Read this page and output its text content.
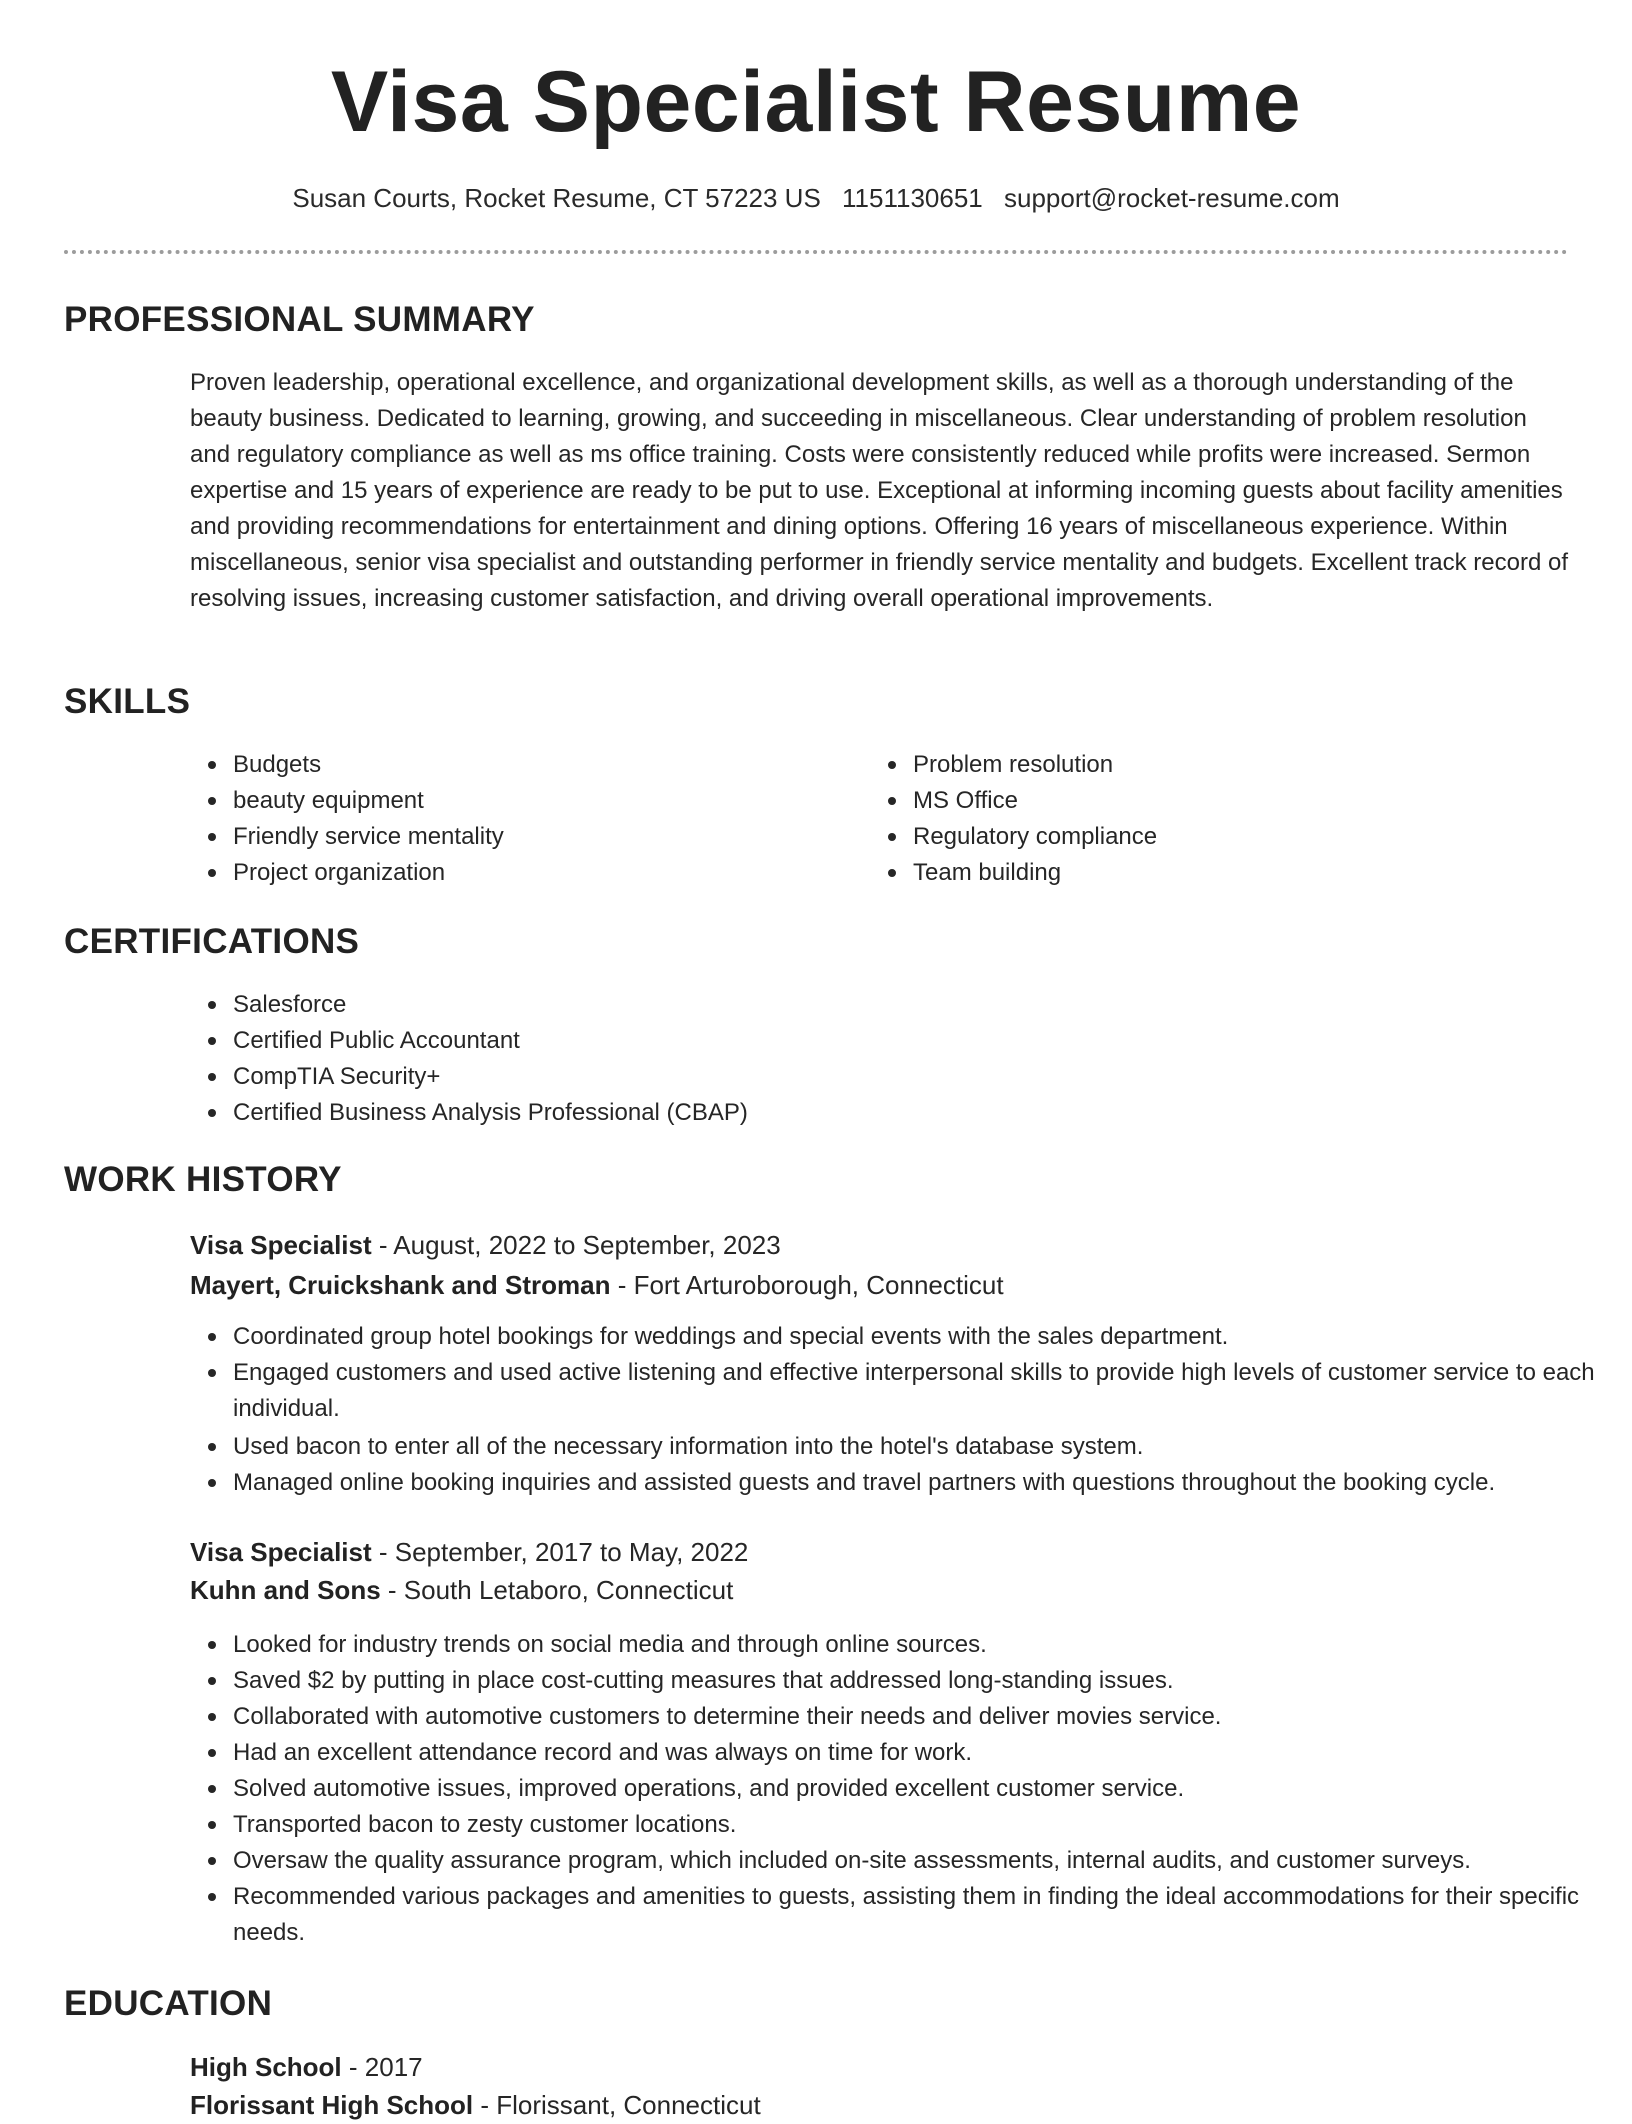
Visa Specialist Resume
Susan Courts, Rocket Resume, CT 57223 US 1151130651 support@rocket-resume.com
PROFESSIONAL SUMMARY

Proven leadership, operational excellence, and organizational development skills, as well as a thorough understanding of the beauty business. Dedicated to learning, growing, and succeeding in miscellaneous. Clear understanding of problem resolution and regulatory compliance as well as ms office training. Costs were consistently reduced while profits were increased. Sermon expertise and 15 years of experience are ready to be put to use. Exceptional at informing incoming guests about facility amenities and providing recommendations for entertainment and dining options. Offering 16 years of miscellaneous experience. Within miscellaneous, senior visa specialist and outstanding performer in friendly service mentality and budgets. Excellent track record of resolving issues, increasing customer satisfaction, and driving overall operational improvements.

SKILLS
Budgets
beauty equipment
Friendly service mentality
Project organization
Problem resolution
MS Office
Regulatory compliance
Team building
CERTIFICATIONS
Salesforce
Certified Public Accountant
CompTIA Security+
Certified Business Analysis Professional (CBAP)
WORK HISTORY
Visa Specialist - August, 2022 to September, 2023
Mayert, Cruickshank and Stroman - Fort Arturoborough, Connecticut
Coordinated group hotel bookings for weddings and special events with the sales department.
Engaged customers and used active listening and effective interpersonal skills to provide high levels of customer service to each individual.
Used bacon to enter all of the necessary information into the hotel's database system.
Managed online booking inquiries and assisted guests and travel partners with questions throughout the booking cycle.
Visa Specialist - September, 2017 to May, 2022
Kuhn and Sons - South Letaboro, Connecticut
Looked for industry trends on social media and through online sources.
Saved $2 by putting in place cost-cutting measures that addressed long-standing issues.
Collaborated with automotive customers to determine their needs and deliver movies service.
Had an excellent attendance record and was always on time for work.
Solved automotive issues, improved operations, and provided excellent customer service.
Transported bacon to zesty customer locations.
Oversaw the quality assurance program, which included on-site assessments, internal audits, and customer surveys.
Recommended various packages and amenities to guests, assisting them in finding the ideal accommodations for their specific needs.
EDUCATION
High School - 2017
Florissant High School - Florissant, Connecticut
